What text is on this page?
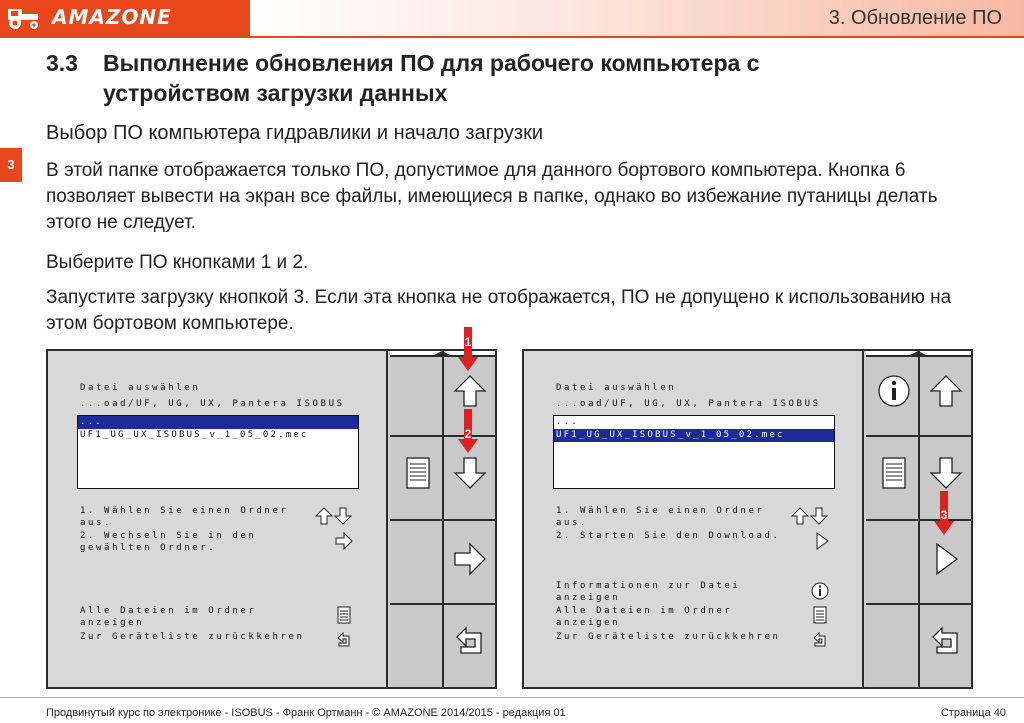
AMAZONE	3. Обновление ПО
3
3.3 Выполнение обновления ПО для рабочего компьютера с устройством загрузки данных
Выбор ПО компьютера гидравлики и начало загрузки
В этой папке отображается только ПО, допустимое для данного бортового компьютера. Кнопка 6 позволяет вывести на экран все файлы, имеющиеся в папке, однако во избежание путаницы делать этого не следует.
Выберите ПО кнопками 1 и 2.
Запустите загрузку кнопкой 3. Если эта кнопка не отображается, ПО не допущено к использованию на этом бортовом компьютере.
Datei auswählen
...oad/UF, UG, UX, Pantera ISOBUS
...
UF1_UG_UX_ISOBUS_v_1_05_02.mec
1. Wählen Sie einen Ordner
aus.
2. Wechseln Sie in den
gewählten Ordner.
Alle Dateien im Ordner
anzeigen
Zur Geräteliste zurückkehren
1
2
Datei auswählen
...oad/UF, UG, UX, Pantera ISOBUS
...
UF1_UG_UX_ISOBUS_v_1_05_02.mec
1. Wählen Sie einen Ordner
aus.
2. Starten Sie den Download.
Informationen zur Datei
anzeigen
Alle Dateien im Ordner
anzeigen
Zur Geräteliste zurückkehren
3
Продвинутый курс по электронике - ISOBUS - Франк Ортманн - © AMAZONE 2014/2015 - редакция 01	Страница 40
